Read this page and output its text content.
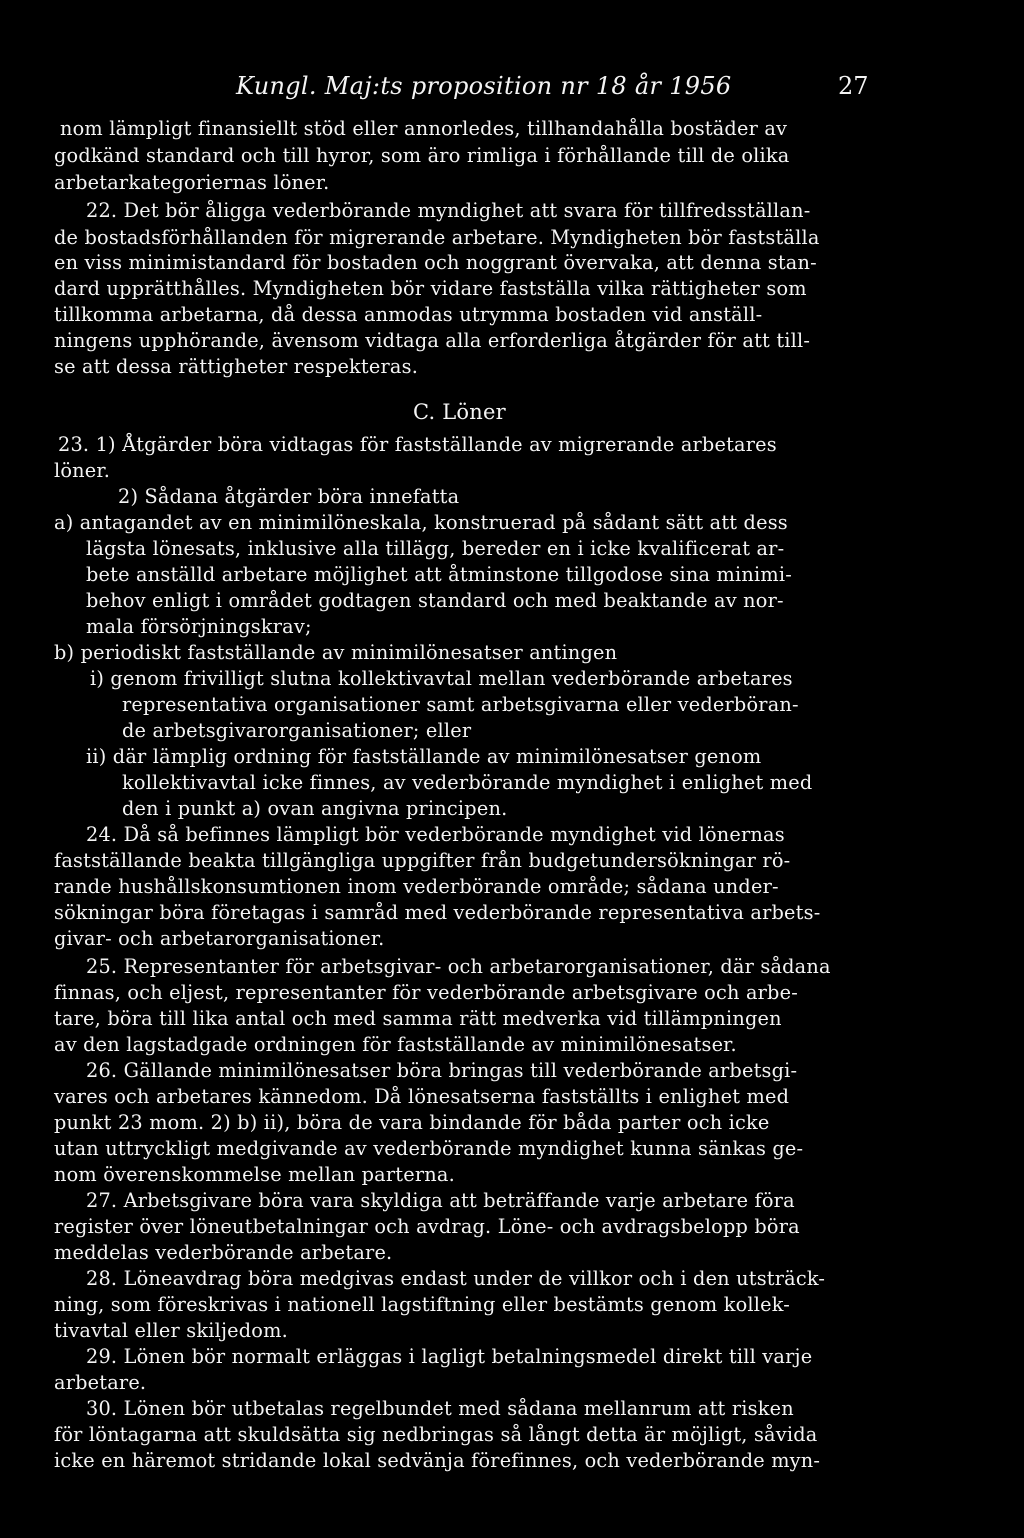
Kungl. Maj:ts proposition nr 18 år 1956	27
nom lämpligt finansiellt stöd eller annorledes, tillhandahålla bostäder av
godkänd standard och till hyror, som äro rimliga i förhållande till de olika
arbetarkategoriernas löner.
22. Det bör åligga vederbörande myndighet att svara för tillfredsställan-
de bostadsförhållanden för migrerande arbetare. Myndigheten bör fastställa
en viss minimistandard för bostaden och noggrant övervaka, att denna stan-
dard upprätthålles. Myndigheten bör vidare fastställa vilka rättigheter som
tillkomma arbetarna, då dessa anmodas utrymma bostaden vid anställ-
ningens upphörande, ävensom vidtaga alla erforderliga åtgärder för att till-
se att dessa rättigheter respekteras.
C. Löner
23. 1) Åtgärder böra vidtagas för fastställande av migrerande arbetares
löner.
2) Sådana åtgärder böra innefatta
a) antagandet av en minimilöneskala, konstruerad på sådant sätt att dess
lägsta lönesats, inklusive alla tillägg, bereder en i icke kvalificerat ar-
bete anställd arbetare möjlighet att åtminstone tillgodose sina minimi-
behov enligt i området godtagen standard och med beaktande av nor-
mala försörjningskrav;
b) periodiskt fastställande av minimilönesatser antingen
i) genom frivilligt slutna kollektivavtal mellan vederbörande arbetares
representativa organisationer samt arbetsgivarna eller vederböran-
de arbetsgivarorganisationer; eller
ii) där lämplig ordning för fastställande av minimilönesatser genom
kollektivavtal icke finnes, av vederbörande myndighet i enlighet med
den i punkt a) ovan angivna principen.
24. Då så befinnes lämpligt bör vederbörande myndighet vid lönernas
fastställande beakta tillgängliga uppgifter från budgetundersökningar rö-
rande hushållskonsumtionen inom vederbörande område; sådana under-
sökningar böra företagas i samråd med vederbörande representativa arbets-
givar- och arbetarorganisationer.
25. Representanter för arbetsgivar- och arbetarorganisationer, där sådana
finnas, och eljest, representanter för vederbörande arbetsgivare och arbe-
tare, böra till lika antal och med samma rätt medverka vid tillämpningen
av den lagstadgade ordningen för fastställande av minimilönesatser.
26. Gällande minimilönesatser böra bringas till vederbörande arbetsgi-
vares och arbetares kännedom. Då lönesatserna fastställts i enlighet med
punkt 23 mom. 2) b) ii), böra de vara bindande för båda parter och icke
utan uttryckligt medgivande av vederbörande myndighet kunna sänkas ge-
nom överenskommelse mellan parterna.
27. Arbetsgivare böra vara skyldiga att beträffande varje arbetare föra
register över löneutbetalningar och avdrag. Löne- och avdragsbelopp böra
meddelas vederbörande arbetare.
28. Löneavdrag böra medgivas endast under de villkor och i den utsträck-
ning, som föreskrivas i nationell lagstiftning eller bestämts genom kollek-
tivavtal eller skiljedom.
29. Lönen bör normalt erläggas i lagligt betalningsmedel direkt till varje
arbetare.
30. Lönen bör utbetalas regelbundet med sådana mellanrum att risken
för löntagarna att skuldsätta sig nedbringas så långt detta är möjligt, såvida
icke en häremot stridande lokal sedvänja förefinnes, och vederbörande myn-
